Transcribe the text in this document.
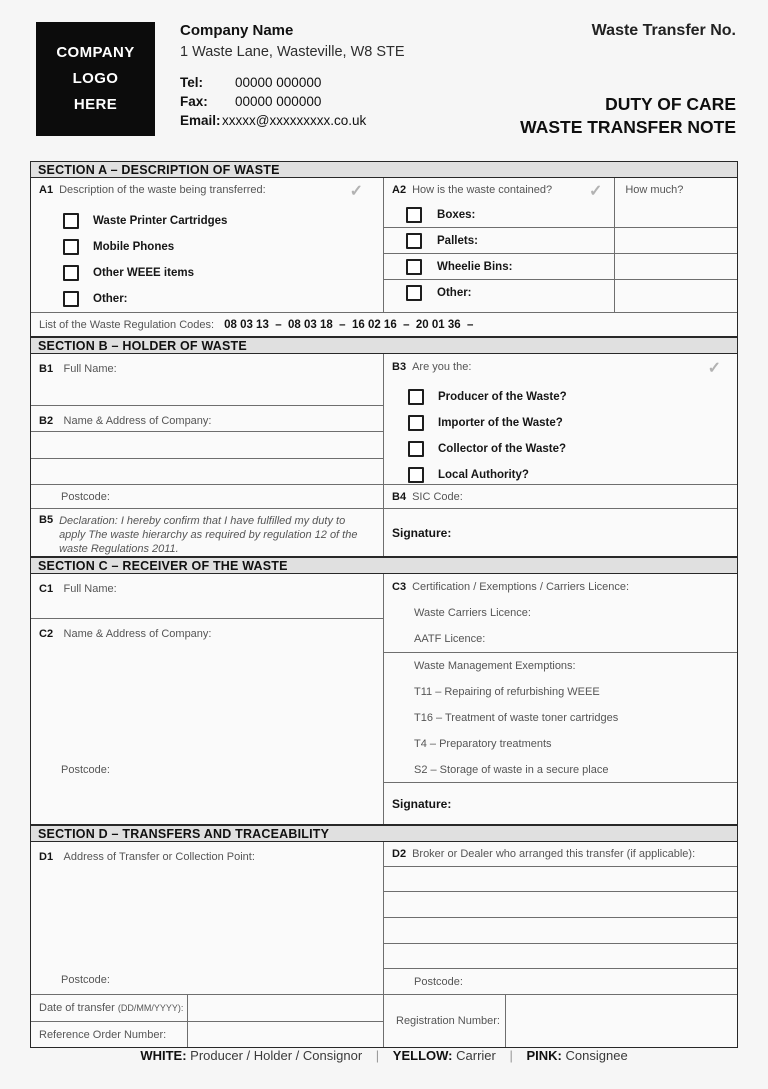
COMPANY
LOGO
HERE
Company Name
1 Waste Lane, Wasteville, W8 STE
Tel: 00000 000000
Fax: 00000 000000
Email:xxxxx@xxxxxxxxx.co.uk
Waste Transfer No.
DUTY OF CARE
WASTE TRANSFER NOTE
SECTION A – DESCRIPTION OF WASTE
A1 Description of the waste being transferred:	✓
Waste Printer Cartridges
Mobile Phones
Other WEEE items
Other:
A2 How is the waste contained? ✓
Boxes:
Pallets:
Wheelie Bins:
Other:
How much?
List of the Waste Regulation Codes: 08 03 13  –  08 03 18  –  16 02 16  –  20 01 36  –
SECTION B – HOLDER OF WASTE
B1 Full Name:
B2 Name & Address of Company:
Postcode:
B5 Declaration: I hereby confirm that I have fulfilled my duty to apply The waste hierarchy as required by regulation 12 of the waste Regulations 2011.
B3 Are you the:	✓
Producer of the Waste?
Importer of the Waste?
Collector of the Waste?
Local Authority?
B4 SIC Code:
Signature:
SECTION C – RECEIVER OF THE WASTE
C1 Full Name:
C2 Name & Address of Company:
Postcode:
C3 Certification / Exemptions / Carriers Licence:
Waste Carriers Licence:
AATF Licence:
Waste Management Exemptions:
T11 – Repairing of refurbishing WEEE
T16 – Treatment of waste toner cartridges
T4 – Preparatory treatments
S2 – Storage of waste in a secure place
Signature:
SECTION D – TRANSFERS AND TRACEABILITY
D1 Address of Transfer or Collection Point:
Postcode:
Date of transfer (DD/MM/YYYY):
Reference Order Number:
D2 Broker or Dealer who arranged this transfer (if applicable):
Postcode:
Registration Number:
WHITE: Producer / Holder / Consignor | YELLOW: Carrier | PINK: Consignee
